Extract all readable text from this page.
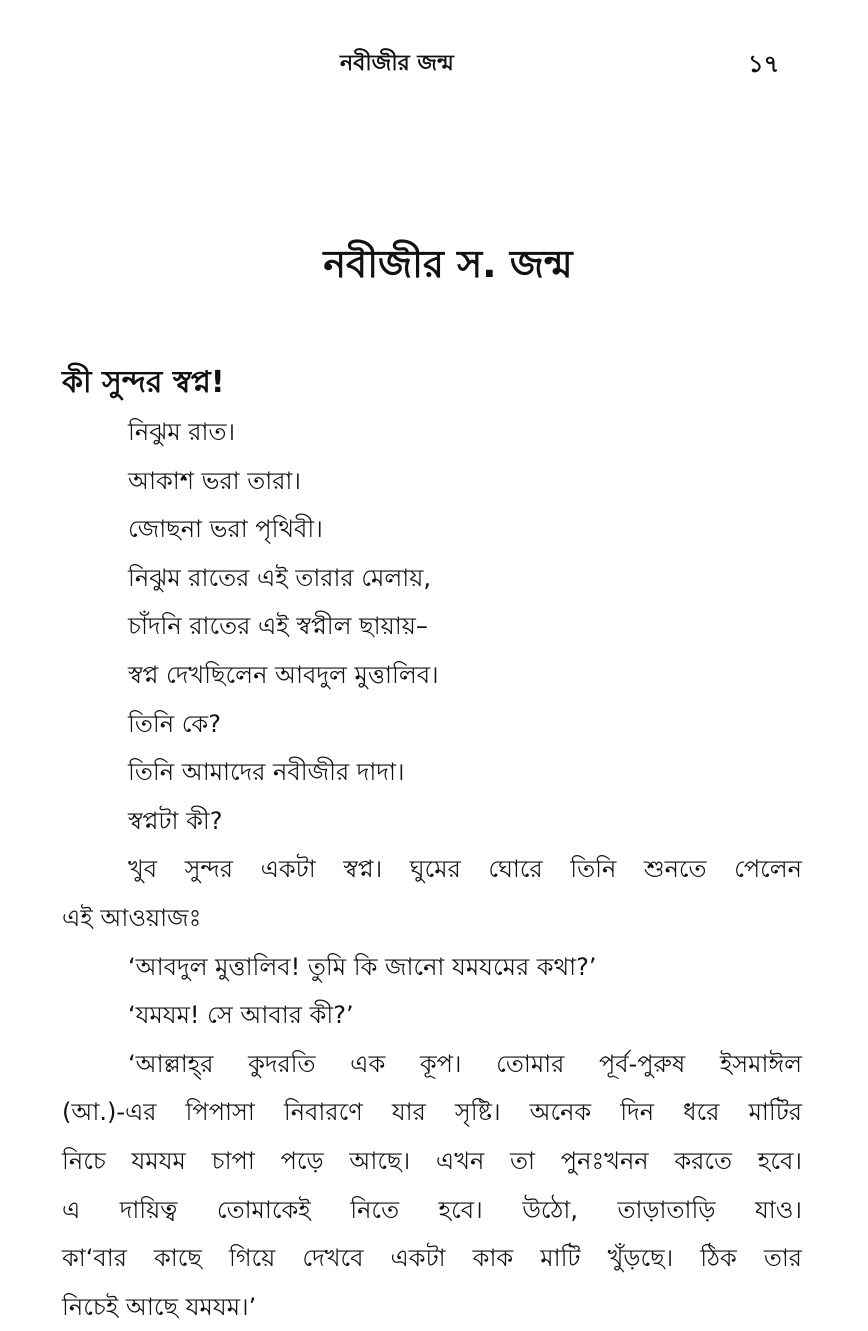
নবীজীর জন্ম	১৭
নবীজীর স. জন্ম
কী সুন্দর স্বপ্ন!
নিঝুম রাত।
আকাশ ভরা তারা।
জোছনা ভরা পৃথিবী।
নিঝুম রাতের এই তারার মেলায়,
চাঁদনি রাতের এই স্বপ্নীল ছায়ায়–
স্বপ্ন দেখছিলেন আবদুল মুত্তালিব।
তিনি কে?
তিনি আমাদের নবীজীর দাদা।
স্বপ্নটা কী?
খুব সুন্দর একটা স্বপ্ন। ঘুমের ঘোরে তিনি শুনতে পেলেন
এই আওয়াজঃ
‘আবদুল মুত্তালিব! তুমি কি জানো যমযমের কথা?’
‘যমযম! সে আবার কী?’
‘আল্লাহ্‌র কুদরতি এক কূপ। তোমার পূর্ব-পুরুষ ইসমাঈল
(আ.)-এর পিপাসা নিবারণে যার সৃষ্টি। অনেক দিন ধরে মাটির
নিচে যমযম চাপা পড়ে আছে। এখন তা পুনঃখনন করতে হবে।
এ দায়িত্ব তোমাকেই নিতে হবে। উঠো, তাড়াতাড়ি যাও।
কা‘বার কাছে গিয়ে দেখবে একটা কাক মাটি খুঁড়ছে। ঠিক তার
নিচেই আছে যমযম।’
